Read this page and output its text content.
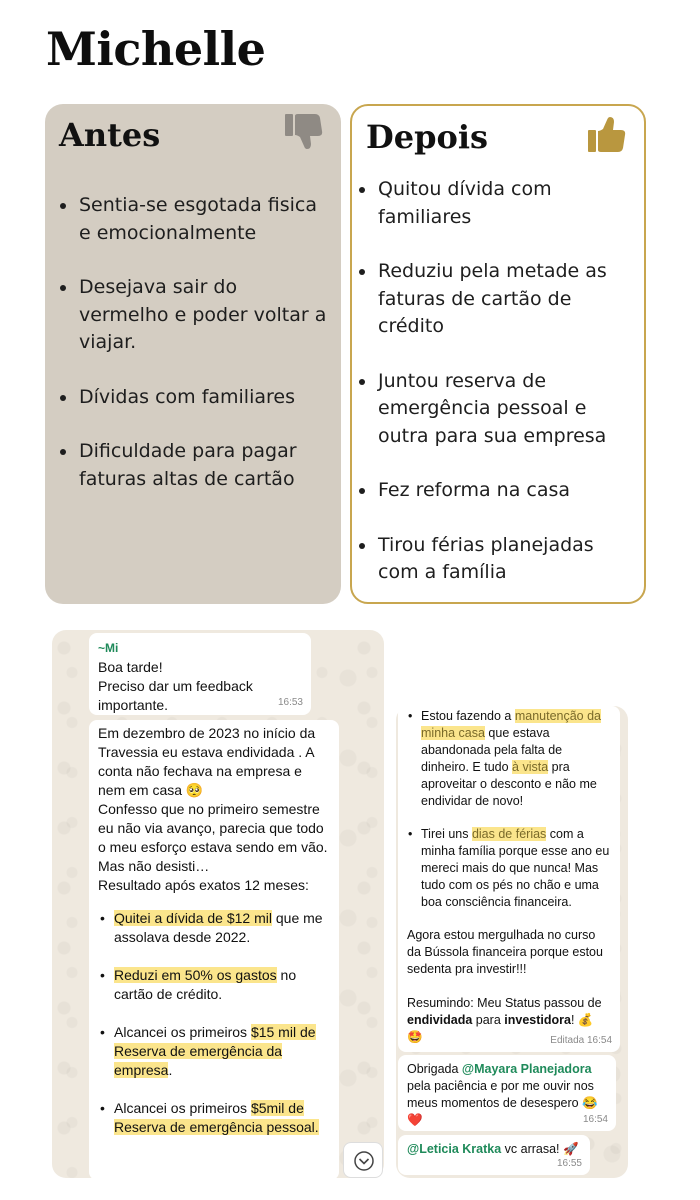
Michelle
Antes
Sentia-se esgotada fisica e emocionalmente
Desejava sair do vermelho e poder voltar a viajar.
Dívidas com familiares
Dificuldade para pagar faturas altas de cartão
Depois
Quitou dívida com familiares
Reduziu pela metade as faturas de cartão de crédito
Juntou reserva de emergência pessoal e outra para sua empresa
Fez reforma na casa
Tirou férias planejadas com a família
~Mi
Boa tarde!
Preciso dar um feedback
importante.	16:53
Em dezembro de 2023 no início da Travessia eu estava endividada . A conta não fechava na empresa e nem em casa 🥺
Confesso que no primeiro semestre eu não via avanço, parecia que todo o meu esforço estava sendo em vão.
Mas não desisti…
Resultado após exatos 12 meses:
• Quitei a dívida de $12 mil que me assolava desde 2022.
• Reduzi em 50% os gastos no cartão de crédito.
• Alcancei os primeiros $15 mil de Reserva de emergência da empresa.
• Alcancei os primeiros $5mil de Reserva de emergência pessoal.
• Estou fazendo a manutenção da minha casa que estava abandonada pela falta de dinheiro. E tudo à vista pra aproveitar o desconto e não me endividar de novo!
• Tirei uns dias de férias com a minha família porque esse ano eu mereci mais do que nunca! Mas tudo com os pés no chão e uma boa consciência financeira.
Agora estou mergulhada no curso da Bússola financeira porque estou sedenta pra investir!!!
Resumindo: Meu Status passou de endividada para investidora! 💰 🤩	Editada 16:54
Obrigada @Mayara Planejadora pela paciência e por me ouvir nos meus momentos de desespero 😂 ❤️	16:54
@Leticia Kratka vc arrasa! 🚀
16:55
